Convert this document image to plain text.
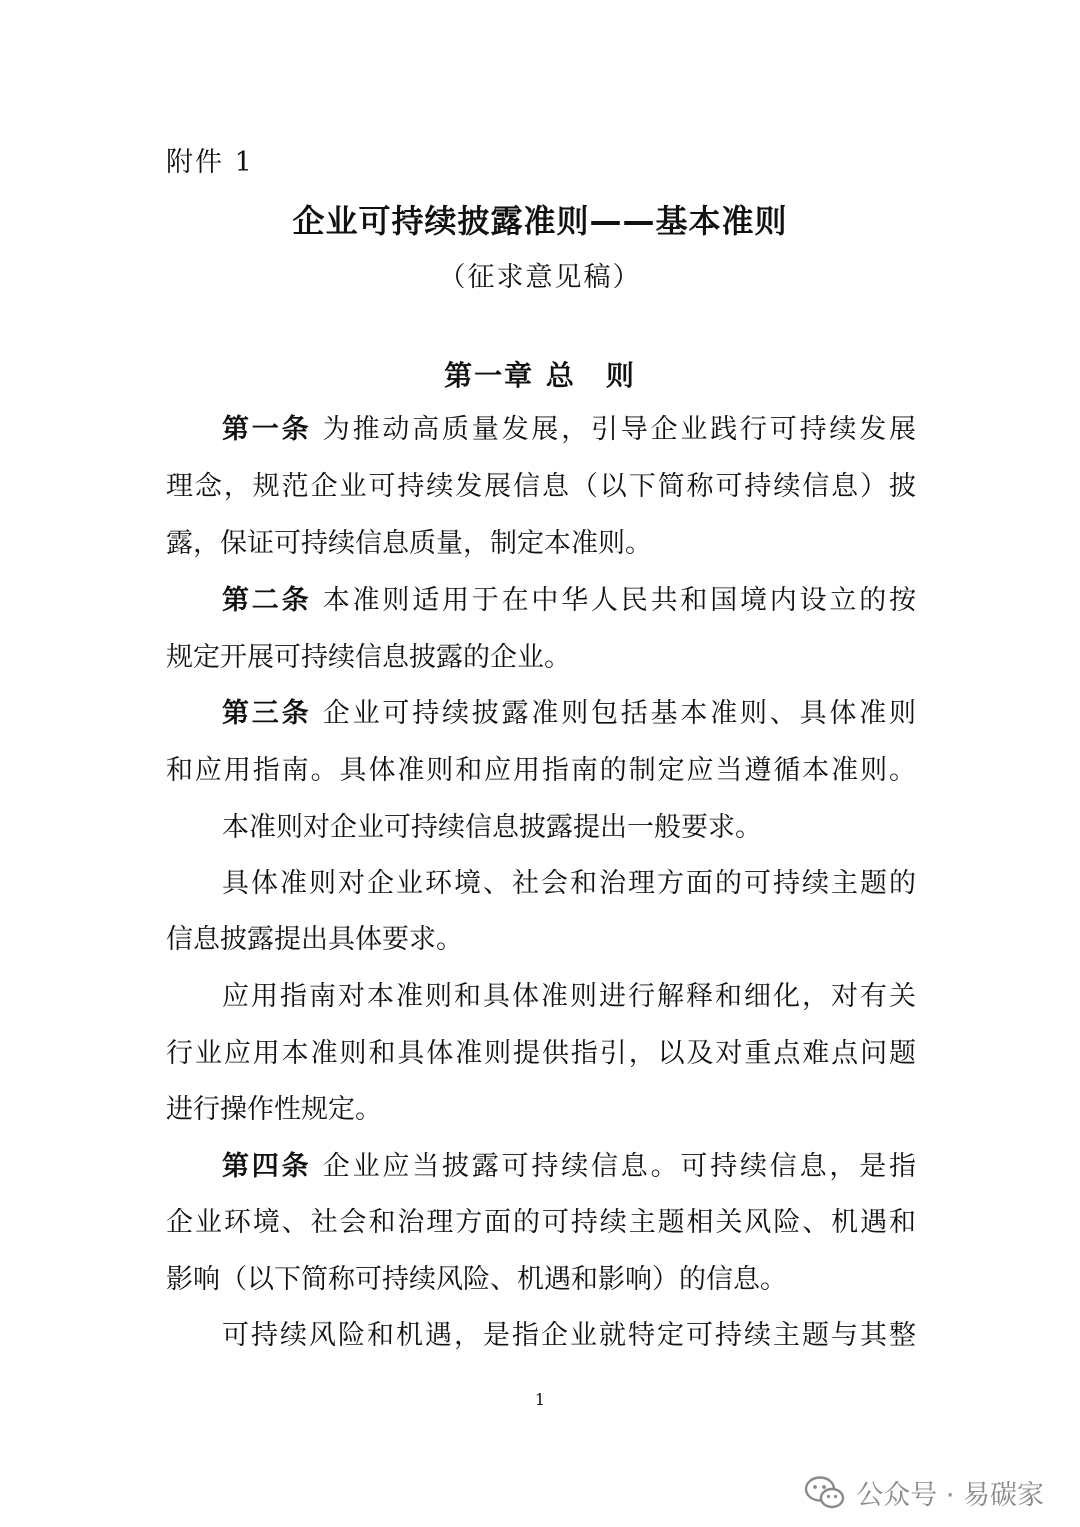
附件 1
企业可持续披露准则——基本准则
（征求意见稿）
第一章 总　则
第一条 为推动高质量发展，引导企业践行可持续发展
理念，规范企业可持续发展信息（以下简称可持续信息）披
露，保证可持续信息质量，制定本准则。
第二条 本准则适用于在中华人民共和国境内设立的按
规定开展可持续信息披露的企业。
第三条 企业可持续披露准则包括基本准则、具体准则
和应用指南。具体准则和应用指南的制定应当遵循本准则。
本准则对企业可持续信息披露提出一般要求。
具体准则对企业环境、社会和治理方面的可持续主题的
信息披露提出具体要求。
应用指南对本准则和具体准则进行解释和细化，对有关
行业应用本准则和具体准则提供指引，以及对重点难点问题
进行操作性规定。
第四条 企业应当披露可持续信息。可持续信息，是指
企业环境、社会和治理方面的可持续主题相关风险、机遇和
影响（以下简称可持续风险、机遇和影响）的信息。
可持续风险和机遇，是指企业就特定可持续主题与其整
1
公众号 · 易碳家
